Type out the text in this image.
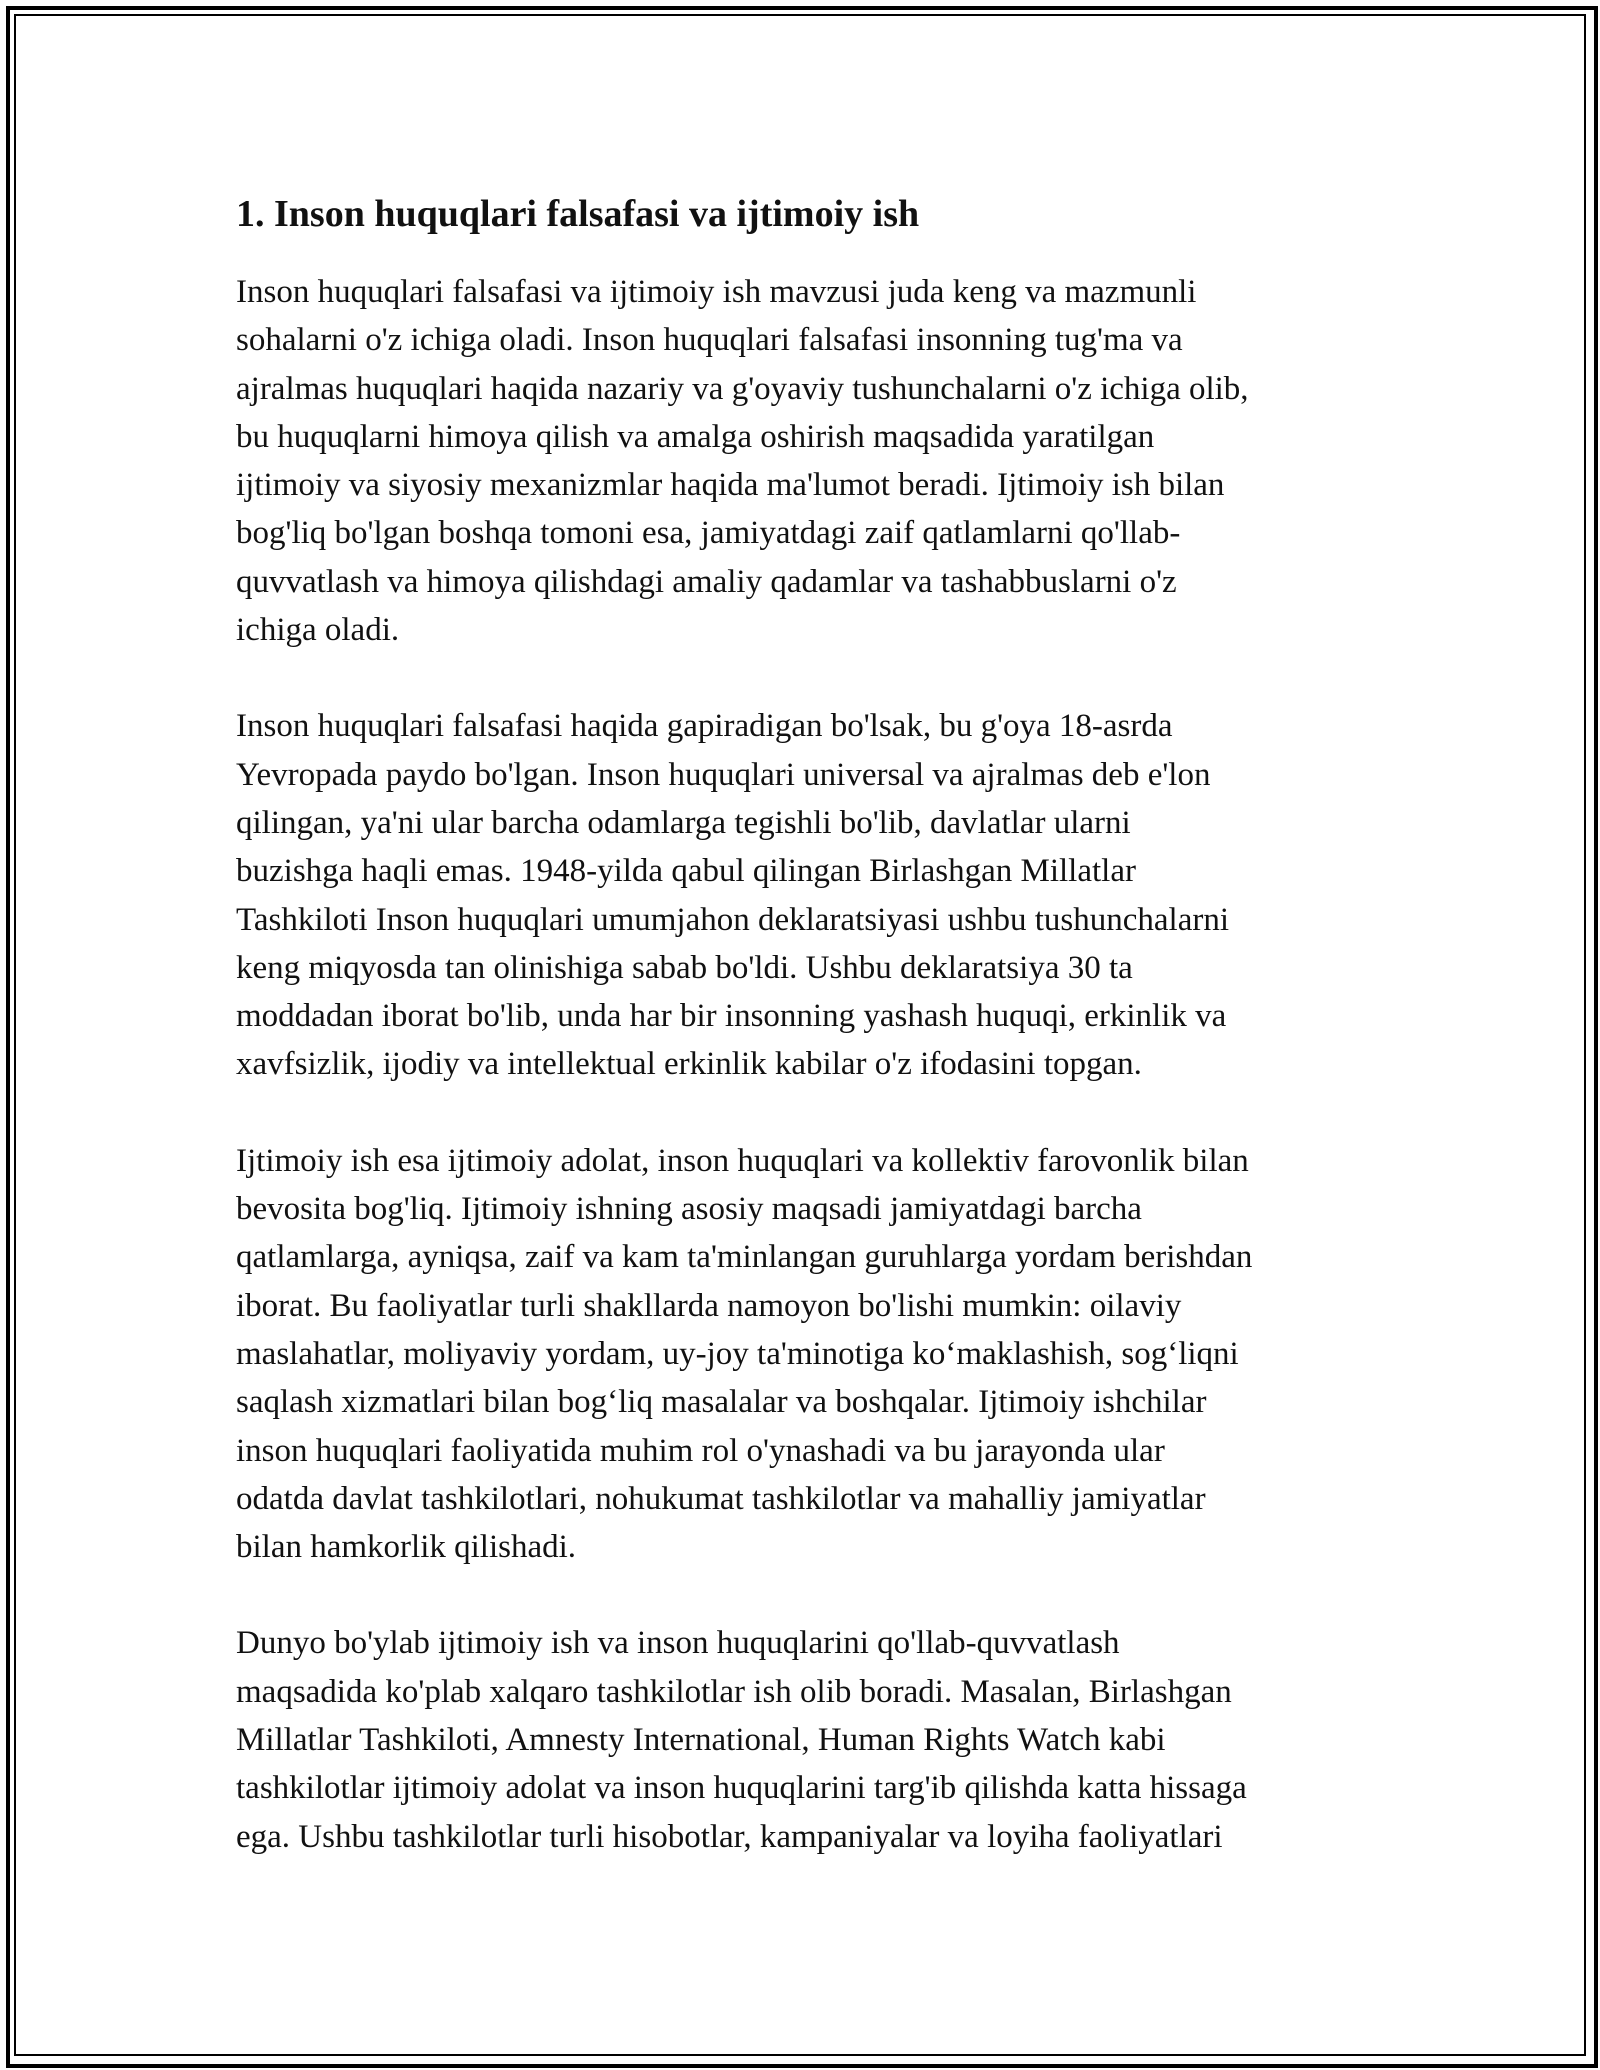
1. Inson huquqlari falsafasi va ijtimoiy ish
Inson huquqlari falsafasi va ijtimoiy ish mavzusi juda keng va mazmunli
sohalarni o'z ichiga oladi. Inson huquqlari falsafasi insonning tug'ma va
ajralmas huquqlari haqida nazariy va g'oyaviy tushunchalarni o'z ichiga olib,
bu huquqlarni himoya qilish va amalga oshirish maqsadida yaratilgan
ijtimoiy va siyosiy mexanizmlar haqida ma'lumot beradi. Ijtimoiy ish bilan
bog'liq bo'lgan boshqa tomoni esa, jamiyatdagi zaif qatlamlarni qo'llab-
quvvatlash va himoya qilishdagi amaliy qadamlar va tashabbuslarni o'z
ichiga oladi.
Inson huquqlari falsafasi haqida gapiradigan bo'lsak, bu g'oya 18-asrda
Yevropada paydo bo'lgan. Inson huquqlari universal va ajralmas deb e'lon
qilingan, ya'ni ular barcha odamlarga tegishli bo'lib, davlatlar ularni
buzishga haqli emas. 1948-yilda qabul qilingan Birlashgan Millatlar
Tashkiloti Inson huquqlari umumjahon deklaratsiyasi ushbu tushunchalarni
keng miqyosda tan olinishiga sabab bo'ldi. Ushbu deklaratsiya 30 ta
moddadan iborat bo'lib, unda har bir insonning yashash huquqi, erkinlik va
xavfsizlik, ijodiy va intellektual erkinlik kabilar o'z ifodasini topgan.
Ijtimoiy ish esa ijtimoiy adolat, inson huquqlari va kollektiv farovonlik bilan
bevosita bog'liq. Ijtimoiy ishning asosiy maqsadi jamiyatdagi barcha
qatlamlarga, ayniqsa, zaif va kam ta'minlangan guruhlarga yordam berishdan
iborat. Bu faoliyatlar turli shakllarda namoyon bo'lishi mumkin: oilaviy
maslahatlar, moliyaviy yordam, uy-joy ta'minotiga ko‘maklashish, sog‘liqni
saqlash xizmatlari bilan bog‘liq masalalar va boshqalar. Ijtimoiy ishchilar
inson huquqlari faoliyatida muhim rol o'ynashadi va bu jarayonda ular
odatda davlat tashkilotlari, nohukumat tashkilotlar va mahalliy jamiyatlar
bilan hamkorlik qilishadi.
Dunyo bo'ylab ijtimoiy ish va inson huquqlarini qo'llab-quvvatlash
maqsadida ko'plab xalqaro tashkilotlar ish olib boradi. Masalan, Birlashgan
Millatlar Tashkiloti, Amnesty International, Human Rights Watch kabi
tashkilotlar ijtimoiy adolat va inson huquqlarini targ'ib qilishda katta hissaga
ega. Ushbu tashkilotlar turli hisobotlar, kampaniyalar va loyiha faoliyatlari
